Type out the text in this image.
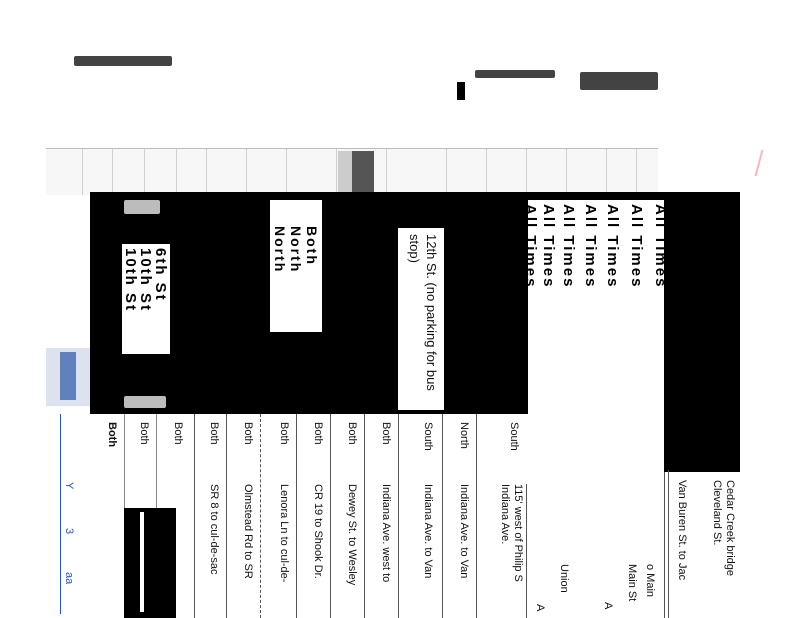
All Times
All Times
All Times
All Times
All Times
All Times
All Times
12th St. (no parking for bus stop)
Both
North
North
6th St
10th St
10th St
Y
3
aa
Both Both Both Both
SR 8 to cul-de-sac
Both
Olmstead Rd to SR
Both
Lenora Ln to cul-de-
Both
CR 19 to Shook Dr.
Both
Dewey St. to Wesley
Both
Indiana Ave. west to
South
Indiana Ave. to Van
North
Indiana Ave. to Van
South
115' west of Philip S Indiana Ave.	Cedar Creek bridge Cleveland St.
Van Buren St. to Jac
o Main
Main St
A
Union
A
